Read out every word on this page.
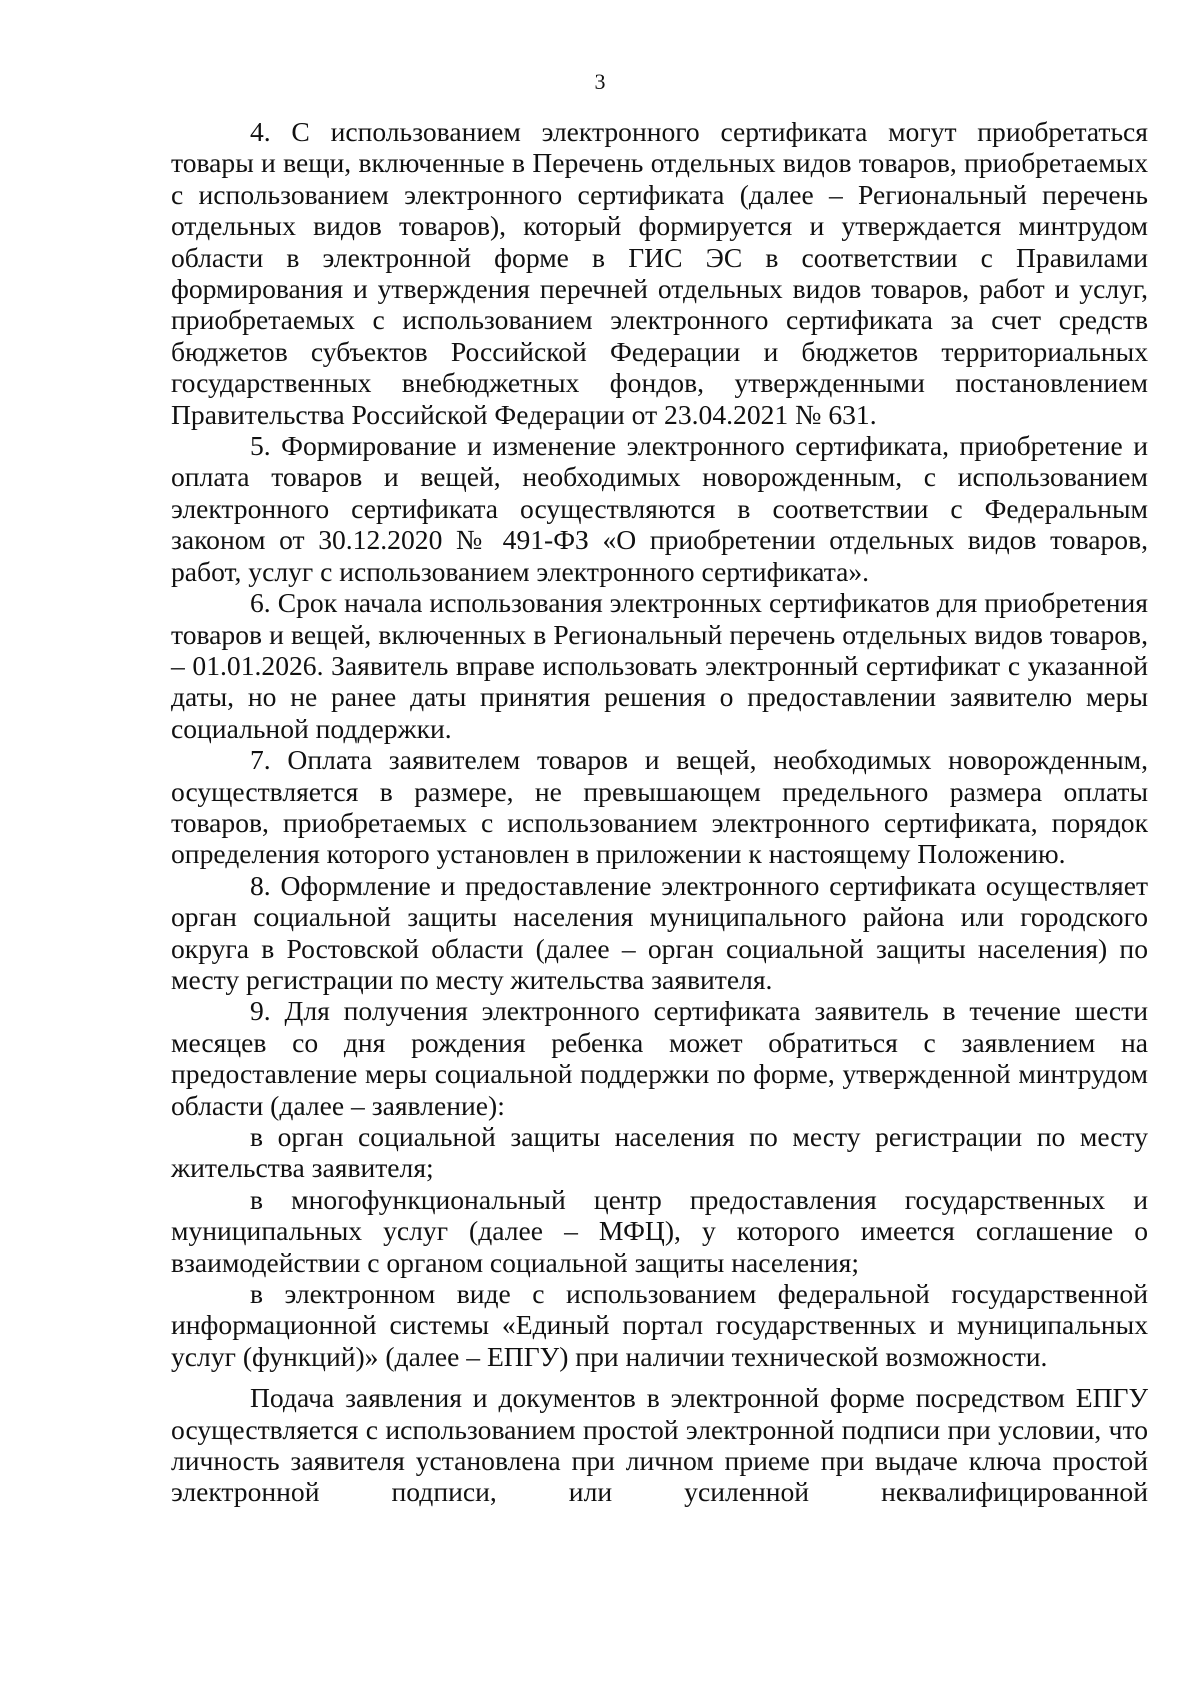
3

4. С использованием электронного сертификата могут приобретаться товары и вещи, включенные в Перечень отдельных видов товаров, приобретаемых с использованием электронного сертификата (далее – Региональный перечень отдельных видов товаров), который формируется и утверждается минтрудом области в электронной форме в ГИС ЭС в соответствии с Правилами формирования и утверждения перечней отдельных видов товаров, работ и услуг, приобретаемых с использованием электронного сертификата за счет средств бюджетов субъектов Российской Федерации и бюджетов территориальных государственных внебюджетных фондов, утвержденными постановлением Правительства Российской Федерации от 23.04.2021 № 631.

5. Формирование и изменение электронного сертификата, приобретение и оплата товаров и вещей, необходимых новорожденным, с использованием электронного сертификата осуществляются в соответствии с Федеральным законом от 30.12.2020 № 491-ФЗ «О приобретении отдельных видов товаров, работ, услуг с использованием электронного сертификата».

6. Срок начала использования электронных сертификатов для приобретения товаров и вещей, включенных в Региональный перечень отдельных видов товаров, – 01.01.2026. Заявитель вправе использовать электронный сертификат с указанной даты, но не ранее даты принятия решения о предоставлении заявителю меры социальной поддержки.

7. Оплата заявителем товаров и вещей, необходимых новорожденным, осуществляется в размере, не превышающем предельного размера оплаты товаров, приобретаемых с использованием электронного сертификата, порядок определения которого установлен в приложении к настоящему Положению.

8. Оформление и предоставление электронного сертификата осуществляет орган социальной защиты населения муниципального района или городского округа в Ростовской области (далее – орган социальной защиты населения) по месту регистрации по месту жительства заявителя.

9. Для получения электронного сертификата заявитель в течение шести месяцев со дня рождения ребенка может обратиться с заявлением на предоставление меры социальной поддержки по форме, утвержденной минтрудом области (далее – заявление):

в орган социальной защиты населения по месту регистрации по месту жительства заявителя;

в многофункциональный центр предоставления государственных и муниципальных услуг (далее – МФЦ), у которого имеется соглашение о взаимодействии с органом социальной защиты населения;

в электронном виде с использованием федеральной государственной информационной системы «Единый портал государственных и муниципальных услуг (функций)» (далее – ЕПГУ) при наличии технической возможности.

Подача заявления и документов в электронной форме посредством ЕПГУ осуществляется с использованием простой электронной подписи при условии, что личность заявителя установлена при личном приеме при выдаче ключа простой электронной подписи, или усиленной неквалифицированной
